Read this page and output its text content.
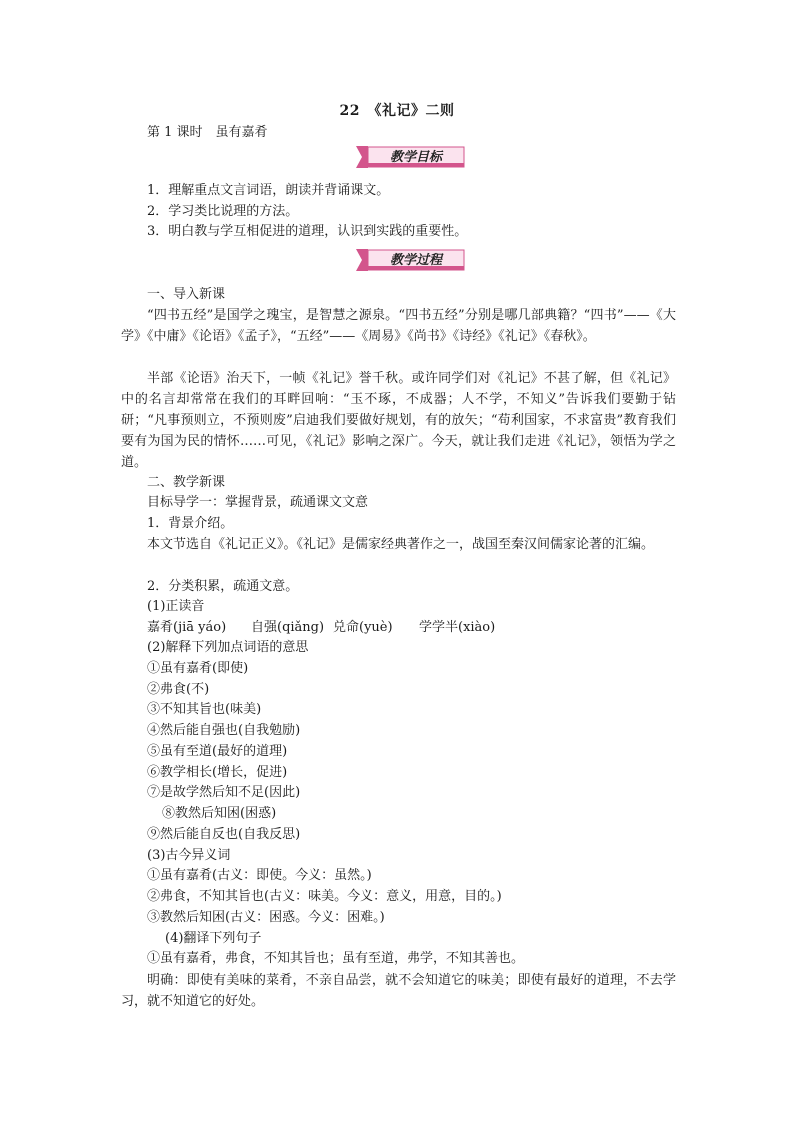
22　《礼记》二则
第 1 课时　虽有嘉肴
教学目标
1．理解重点文言词语，朗读并背诵课文。
2．学习类比说理的方法。
3．明白教与学互相促进的道理，认识到实践的重要性。
教学过程
一、导入新课
“四书五经”是国学之瑰宝，是智慧之源泉。“四书五经”分别是哪几部典籍？“四书”——《大学》《中庸》《论语》《孟子》，“五经”——《周易》《尚书》《诗经》《礼记》《春秋》。
半部《论语》治天下，一帧《礼记》誉千秋。或许同学们对《礼记》不甚了解，但《礼记》中的名言却常常在我们的耳畔回响：“玉不琢，不成器；人不学，不知义”告诉我们要勤于钻研；“凡事预则立，不预则废”启迪我们要做好规划，有的放矢；“苟利国家，不求富贵”教育我们要有为国为民的情怀……可见，《礼记》影响之深广。今天，就让我们走进《礼记》，领悟为学之道。
二、教学新课
目标导学一：掌握背景，疏通课文文意
1．背景介绍。
本文节选自《礼记正义》。《礼记》是儒家经典著作之一，战国至秦汉间儒家论著的汇编。
2．分类积累，疏通文意。
(1)正读音
嘉肴(jiā yáo) 自强(qiǎng) 兑命(yuè) 学学半(xiào)
(2)解释下列加点词语的意思
①虽有嘉肴(即使)
②弗食(不)
③不知其旨也(味美)
④然后能自强也(自我勉励)
⑤虽有至道(最好的道理)
⑥教学相长(增长，促进)
⑦是故学然后知不足(因此)
⑧教然后知困(困惑)
⑨然后能自反也(自我反思)
(3)古今异义词
①虽有嘉肴(古义：即使。今义：虽然。)
②弗食，不知其旨也(古义：味美。今义：意义，用意，目的。)
③教然后知困(古义：困惑。今义：困难。)
(4)翻译下列句子
①虽有嘉肴，弗食，不知其旨也；虽有至道，弗学，不知其善也。
明确：即使有美味的菜肴，不亲自品尝，就不会知道它的味美；即使有最好的道理，不去学习，就不知道它的好处。
